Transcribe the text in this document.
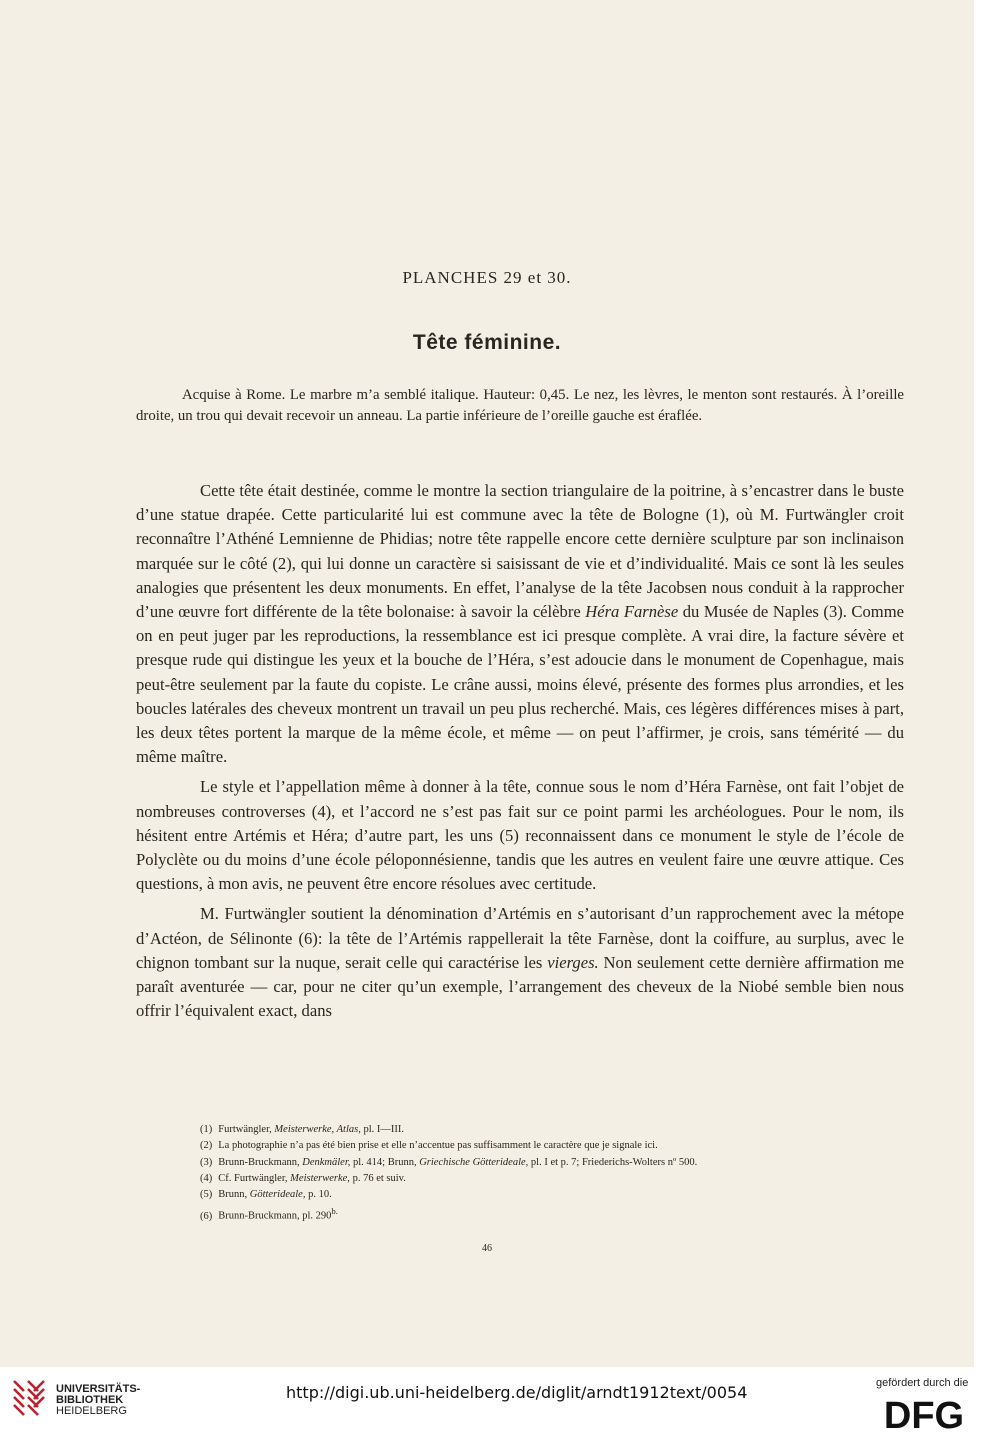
PLANCHES 29 et 30.
Tête féminine.

Acquise à Rome. Le marbre m’a semblé italique. Hauteur: 0,45. Le nez, les lèvres, le menton sont restaurés. À l’oreille droite, un trou qui devait recevoir un anneau. La partie inférieure de l’oreille gauche est éraflée.

Cette tête était destinée, comme le montre la section triangulaire de la poitrine, à s’encastrer dans le buste d’une statue drapée. Cette particularité lui est commune avec la tête de Bologne (1), où M. Furtwängler croit reconnaître l’Athéné Lemnienne de Phidias; notre tête rappelle encore cette dernière sculpture par son inclinaison marquée sur le côté (2), qui lui donne un caractère si saisissant de vie et d’individualité. Mais ce sont là les seules analogies que présentent les deux monuments. En effet, l’analyse de la tête Jacobsen nous conduit à la rapprocher d’une œuvre fort différente de la tête bolonaise: à savoir la célèbre Héra Farnèse du Musée de Naples (3). Comme on en peut juger par les reproductions, la ressemblance est ici presque complète. A vrai dire, la facture sévère et presque rude qui distingue les yeux et la bouche de l’Héra, s’est adoucie dans le monument de Copenhague, mais peut-être seulement par la faute du copiste. Le crâne aussi, moins élevé, présente des formes plus arrondies, et les boucles latérales des cheveux montrent un travail un peu plus recherché. Mais, ces légères différences mises à part, les deux têtes portent la marque de la même école, et même — on peut l’affirmer, je crois, sans témérité — du même maître.

Le style et l’appellation même à donner à la tête, connue sous le nom d’Héra Farnèse, ont fait l’objet de nombreuses controverses (4), et l’accord ne s’est pas fait sur ce point parmi les archéologues. Pour le nom, ils hésitent entre Artémis et Héra; d’autre part, les uns (5) reconnaissent dans ce monument le style de l’école de Polyclète ou du moins d’une école péloponnésienne, tandis que les autres en veulent faire une œuvre attique. Ces questions, à mon avis, ne peuvent être encore résolues avec certitude.

M. Furtwängler soutient la dénomination d’Artémis en s’autorisant d’un rapprochement avec la métope d’Actéon, de Sélinonte (6): la tête de l’Artémis rappellerait la tête Farnèse, dont la coiffure, au surplus, avec le chignon tombant sur la nuque, serait celle qui caractérise les vierges. Non seulement cette dernière affirmation me paraît aventurée — car, pour ne citer qu’un exemple, l’arrangement des cheveux de la Niobé semble bien nous offrir l’équivalent exact, dans

(1) Furtwängler, Meisterwerke, Atlas, pl. I—III.
(2) La photographie n’a pas été bien prise et elle n’accentue pas suffisamment le caractère que je signale ici.
(3) Brunn-Bruckmann, Denkmäler, pl. 414; Brunn, Griechische Götterideale, pl. I et p. 7; Friederichs-Wolters nº 500.
(4) Cf. Furtwängler, Meisterwerke, p. 76 et suiv.
(5) Brunn, Götterideale, p. 10.
(6) Brunn-Bruckmann, pl. $290^{b.}$
46
UNIVERSITÄTS-
BIBLIOTHEK
HEIDELBERG
http://digi.ub.uni-heidelberg.de/diglit/arndt1912text/0054	gefördert durch die
DFG
